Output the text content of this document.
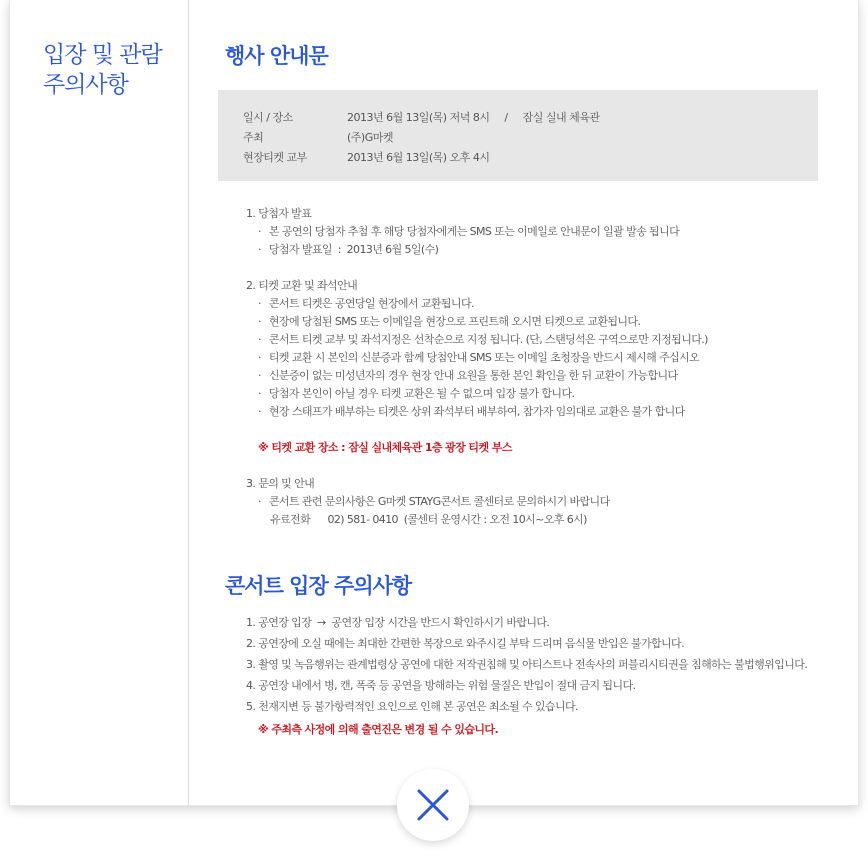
입장 및 관람
주의사항
행사 안내문
일시 / 장소	2013년 6월 13일(목) 저녁 8시     /     잠실 실내 체육관
주최	(주)G마켓
현장티켓 교부	2013년 6월 13일(목) 오후 4시
1. 당첨자 발표
· 본 공연의 당첨자 추첨 후 해당 당첨자에게는 SMS 또는 이메일로 안내문이 일괄 발송 됩니다
· 당첨자 발표일  :  2013년 6월 5일(수)
2. 티켓 교환 및 좌석안내
· 콘서트 티켓은 공연당일 현장에서 교환됩니다.
· 현장에 당첨된 SMS 또는 이메일을 현장으로 프린트해 오시면 티켓으로 교환됩니다.
· 콘서트 티켓 교부 및 좌석지정은 선착순으로 지정 됩니다. (단, 스탠딩석은 구역으로만 지정됩니다.)
· 티켓 교환 시 본인의 신분증과 함께 당첨안내 SMS 또는 이메일 초청장을 반드시 제시해 주십시오
· 신분증이 없는 미성년자의 경우 현장 안내 요원을 통한 본인 확인을 한 뒤 교환이 가능합니다
· 당첨자 본인이 아닐 경우 티켓 교환은 될 수 없으며 입장 불가 합니다.
· 현장 스태프가 배부하는 티켓은 상위 좌석부터 배부하여, 참가자 임의대로 교환은 불가 합니다
※ 티켓 교환 장소 : 잠실 실내체육관 1층 광장 티켓 부스
3. 문의 및 안내
· 콘서트 관련 문의사항은 G마켓 STAYG콘서트 콜센터로 문의하시기 바랍니다
유료전화      02) 581- 0410  (콜센터 운영시간 : 오전 10시~오후 6시)
콘서트 입장 주의사항
1. 공연장 입장  →  공연장 입장 시간을 반드시 확인하시기 바랍니다.
2. 공연장에 오실 때에는 최대한 간편한 복장으로 와주시길 부탁 드리며 음식물 반입은 불가합니다.
3. 촬영 및 녹음행위는 관계법령상 공연에 대한 저작권침해 및 아티스트나 전속사의 퍼블리시티권을 침해하는 불법행위입니다.
4. 공연장 내에서 병, 캔, 폭죽 등 공연을 방해하는 위험 물질은 반입이 절대 금지 됩니다.
5. 천재지변 등 불가항력적인 요인으로 인해 본 공연은 최소될 수 있습니다.
※ 주최측 사정에 의해 출연진은 변경 될 수 있습니다.
